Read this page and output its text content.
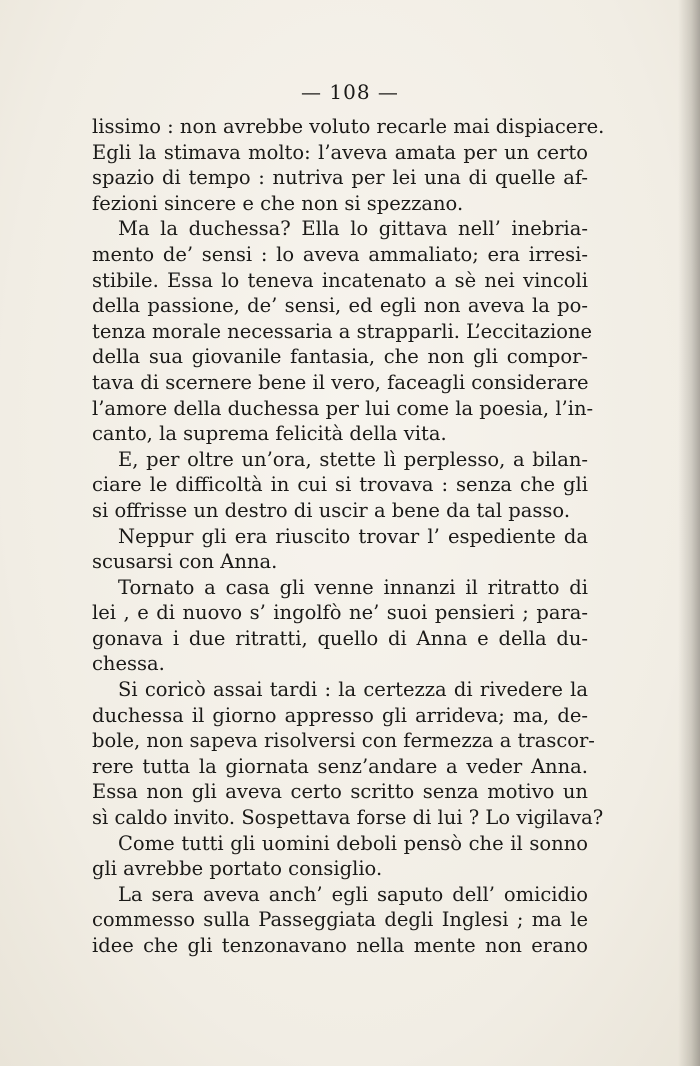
— 108 —
lissimo : non avrebbe voluto recarle mai dispiacere.
Egli la stimava molto: l’aveva amata per un certo
spazio di tempo : nutriva per lei una di quelle af-
fezioni sincere e che non si spezzano.
Ma la duchessa? Ella lo gittava nell’ inebria-
mento de’ sensi : lo aveva ammaliato; era irresi-
stibile. Essa lo teneva incatenato a sè nei vincoli
della passione, de’ sensi, ed egli non aveva la po-
tenza morale necessaria a strapparli. L’eccitazione
della sua giovanile fantasia, che non gli compor-
tava di scernere bene il vero, faceagli considerare
l’amore della duchessa per lui come la poesia, l’in-
canto, la suprema felicità della vita.
E, per oltre un’ora, stette lì perplesso, a bilan-
ciare le difficoltà in cui si trovava : senza che gli
si offrisse un destro di uscir a bene da tal passo.
Neppur gli era riuscito trovar l’ espediente da
scusarsi con Anna.
Tornato a casa gli venne innanzi il ritratto di
lei , e di nuovo s’ ingolfò ne’ suoi pensieri ; para-
gonava i due ritratti, quello di Anna e della du-
chessa.
Si coricò assai tardi : la certezza di rivedere la
duchessa il giorno appresso gli arrideva; ma, de-
bole, non sapeva risolversi con fermezza a trascor-
rere tutta la giornata senz’andare a veder Anna.
Essa non gli aveva certo scritto senza motivo un
sì caldo invito. Sospettava forse di lui ? Lo vigilava?
Come tutti gli uomini deboli pensò che il sonno
gli avrebbe portato consiglio.
La sera aveva anch’ egli saputo dell’ omicidio
commesso sulla Passeggiata degli Inglesi ; ma le
idee che gli tenzonavano nella mente non erano
